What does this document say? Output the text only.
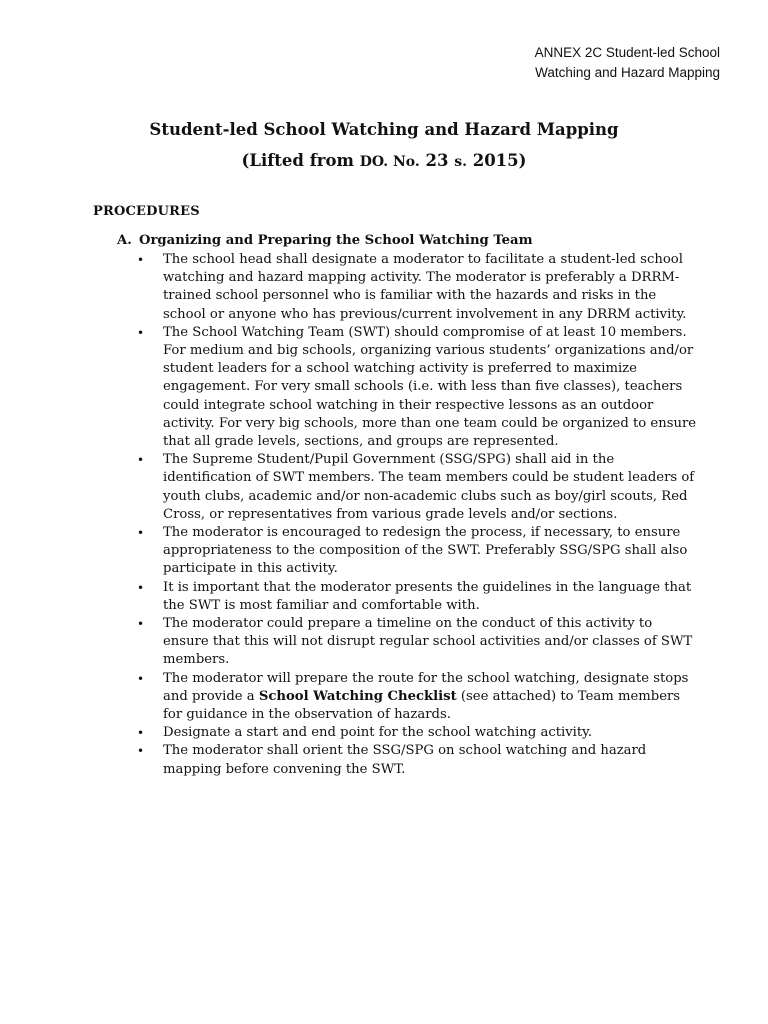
ANNEX 2C Student-led School
Watching and Hazard Mapping
Student-led School Watching and Hazard Mapping
(Lifted from DO. No. 23 s. 2015)
PROCEDURES
A. Organizing and Preparing the School Watching Team
• The school head shall designate a moderator to facilitate a student-led school watching and hazard mapping activity. The moderator is preferably a DRRM-trained school personnel who is familiar with the hazards and risks in the school or anyone who has previous/current involvement in any DRRM activity.
• The School Watching Team (SWT) should compromise of at least 10 members. For medium and big schools, organizing various students’ organizations and/or student leaders for a school watching activity is preferred to maximize engagement. For very small schools (i.e. with less than five classes), teachers could integrate school watching in their respective lessons as an outdoor activity. For very big schools, more than one team could be organized to ensure that all grade levels, sections, and groups are represented.
• The Supreme Student/Pupil Government (SSG/SPG) shall aid in the identification of SWT members. The team members could be student leaders of youth clubs, academic and/or non-academic clubs such as boy/girl scouts, Red Cross, or representatives from various grade levels and/or sections.
• The moderator is encouraged to redesign the process, if necessary, to ensure appropriateness to the composition of the SWT. Preferably SSG/SPG shall also participate in this activity.
• It is important that the moderator presents the guidelines in the language that the SWT is most familiar and comfortable with.
• The moderator could prepare a timeline on the conduct of this activity to ensure that this will not disrupt regular school activities and/or classes of SWT members.
• The moderator will prepare the route for the school watching, designate stops and provide a School Watching Checklist (see attached) to Team members for guidance in the observation of hazards.
• Designate a start and end point for the school watching activity.
• The moderator shall orient the SSG/SPG on school watching and hazard mapping before convening the SWT.
